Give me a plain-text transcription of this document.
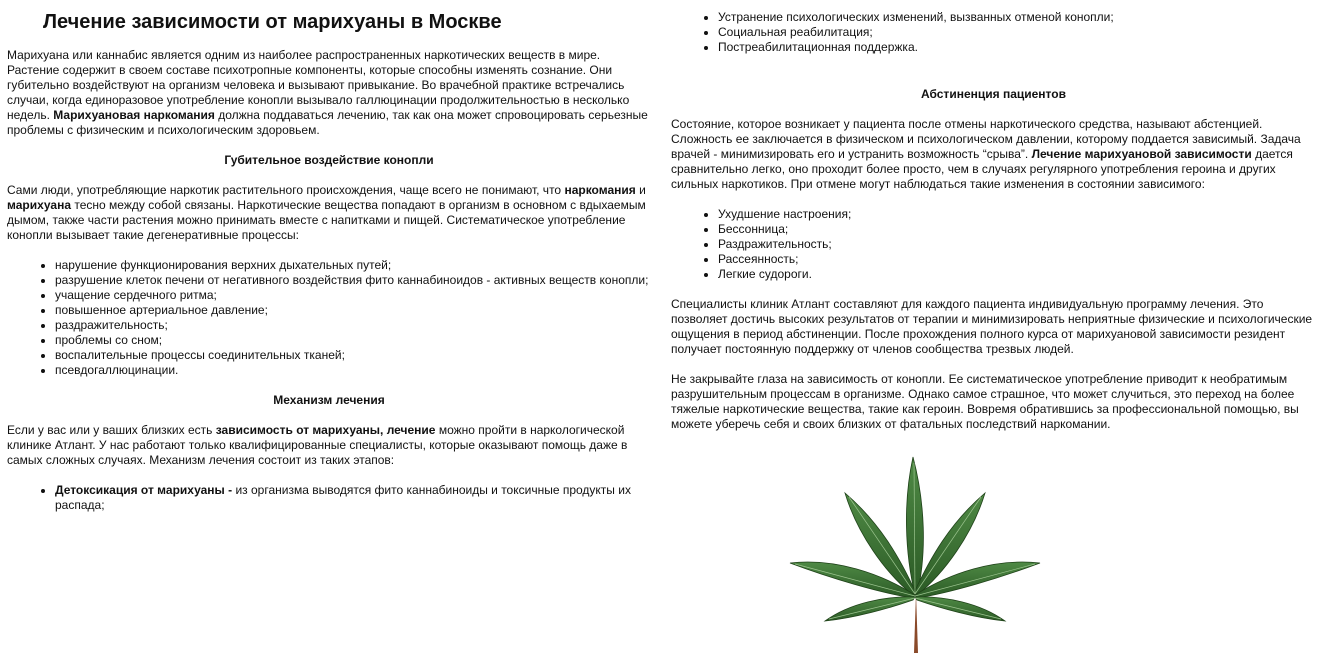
Лечение зависимости от марихуаны в Москве

Марихуана или каннабис является одним из наиболее распространенных наркотических веществ в мире. Растение содержит в своем составе психотропные компоненты, которые способны изменять сознание. Они губительно воздействуют на организм человека и вызывают привыкание. Во врачебной практике встречались случаи, когда единоразовое употребление конопли вызывало галлюцинации продолжительностью в несколько недель. Марихуановая наркомания должна поддаваться лечению, так как она может спровоцировать серьезные проблемы с физическим и психологическим здоровьем.

Губительное воздействие конопли

Сами люди, употребляющие наркотик растительного происхождения, чаще всего не понимают, что наркомания и марихуана тесно между собой связаны. Наркотические вещества попадают в организм в основном с вдыхаемым дымом, также части растения можно принимать вместе с напитками и пищей. Систематическое употребление конопли вызывает такие дегенеративные процессы:

• нарушение функционирования верхних дыхательных путей;
• разрушение клеток печени от негативного воздействия фито каннабиноидов - активных веществ конопли;
• учащение сердечного ритма;
• повышенное артериальное давление;
• раздражительность;
• проблемы со сном;
• воспалительные процессы соединительных тканей;
• псевдогаллюцинации.

Механизм лечения

Если у вас или у ваших близких есть зависимость от марихуаны, лечение можно пройти в наркологической клинике Атлант. У нас работают только квалифицированные специалисты, которые оказывают помощь даже в самых сложных случаях. Механизм лечения состоит из таких этапов:

• Детоксикация от марихуаны - из организма выводятся фито каннабиноиды и токсичные продукты их распада;
• Устранение психологических изменений, вызванных отменой конопли;
• Социальная реабилитация;
• Постреабилитационная поддержка.

Абстиненция пациентов

Состояние, которое возникает у пациента после отмены наркотического средства, называют абстенцией. Сложность ее заключается в физическом и психологическом давлении, которому поддается зависимый. Задача врачей - минимизировать его и устранить возможность “срыва”. Лечение марихуановой зависимости дается сравнительно легко, оно проходит более просто, чем в случаях регулярного употребления героина и других сильных наркотиков. При отмене могут наблюдаться такие изменения в состоянии зависимого:

• Ухудшение настроения;
• Бессонница;
• Раздражительность;
• Рассеянность;
• Легкие судороги.

Специалисты клиник Атлант составляют для каждого пациента индивидуальную программу лечения. Это позволяет достичь высоких результатов от терапии и минимизировать неприятные физические и психологические ощущения в период абстиненции. После прохождения полного курса от марихуановой зависимости резидент получает постоянную поддержку от членов сообщества трезвых людей.

Не закрывайте глаза на зависимость от конопли. Ее систематическое употребление приводит к необратимым разрушительным процессам в организме. Однако самое страшное, что может случиться, это переход на более тяжелые наркотические вещества, такие как героин. Вовремя обратившись за профессиональной помощью, вы можете уберечь себя и своих близких от фатальных последствий наркомании.
